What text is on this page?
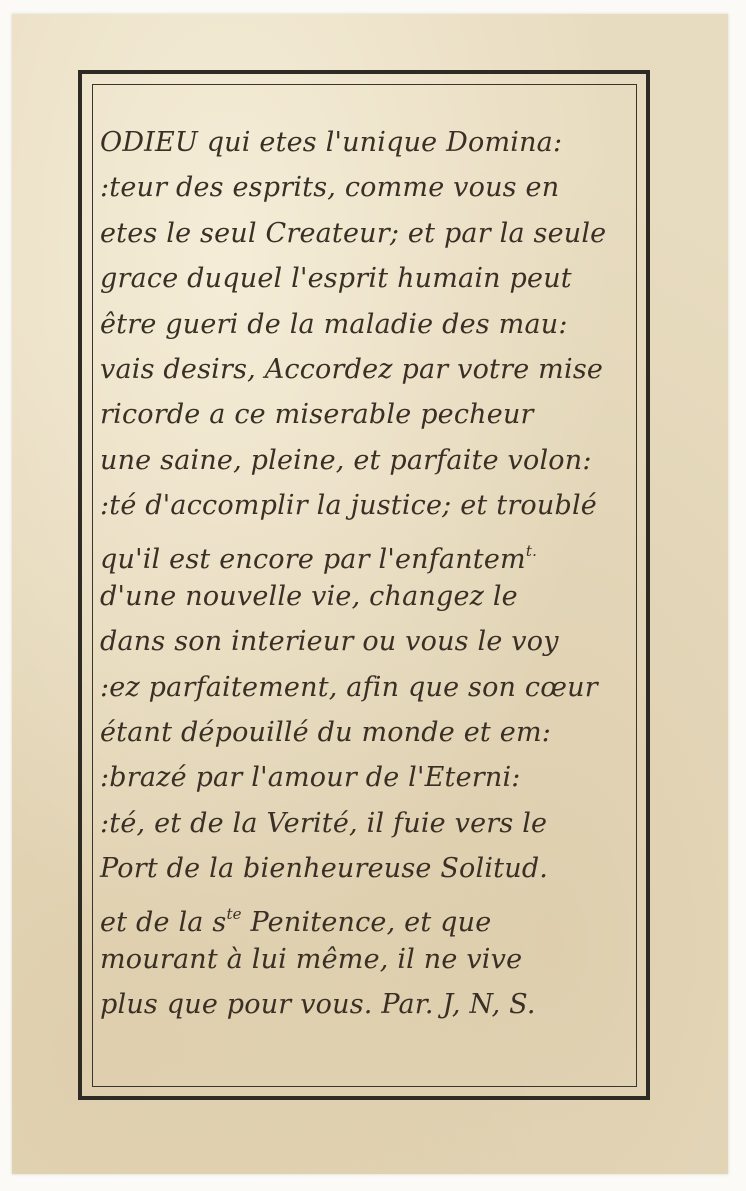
ODIEU qui etes l'unique Domina:
:teur des esprits, comme vous en
etes le seul Createur; et par la seule
grace duquel l'esprit humain peut
être gueri de la maladie des mau:
vais desirs, Accordez par votre mise
ricorde a ce miserable pecheur
une saine, pleine, et parfaite volon:
:té d'accomplir la justice; et troublé
qu'il est encore par l'enfantem$^{t.}$
d'une nouvelle vie, changez le
dans son interieur ou vous le voy
:ez parfaitement, afin que son cœur
étant dépouillé du monde et em:
:brazé par l'amour de l'Eterni:
:té, et de la Verité, il fuie vers le
Port de la bienheureuse Solitud.
et de la $s^{te}$ Penitence, et que
mourant à lui même, il ne vive
plus que pour vous. Par. J, N, S.
